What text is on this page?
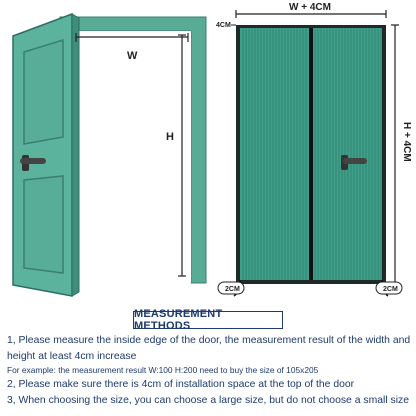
W
H
W + 4CM
H + 4CM
4CM
2CM	2CM
MEASUREMENT METHODS

1, Please measure the inside edge of the door, the measurement result of the width and height at least 4cm increase

For example: the measurement result W:100 H:200 need to buy the size of 105x205

2, Please make sure there is 4cm of installation space at the top of the door

3, When choosing the size, you can choose a large size, but do not choose a small size
